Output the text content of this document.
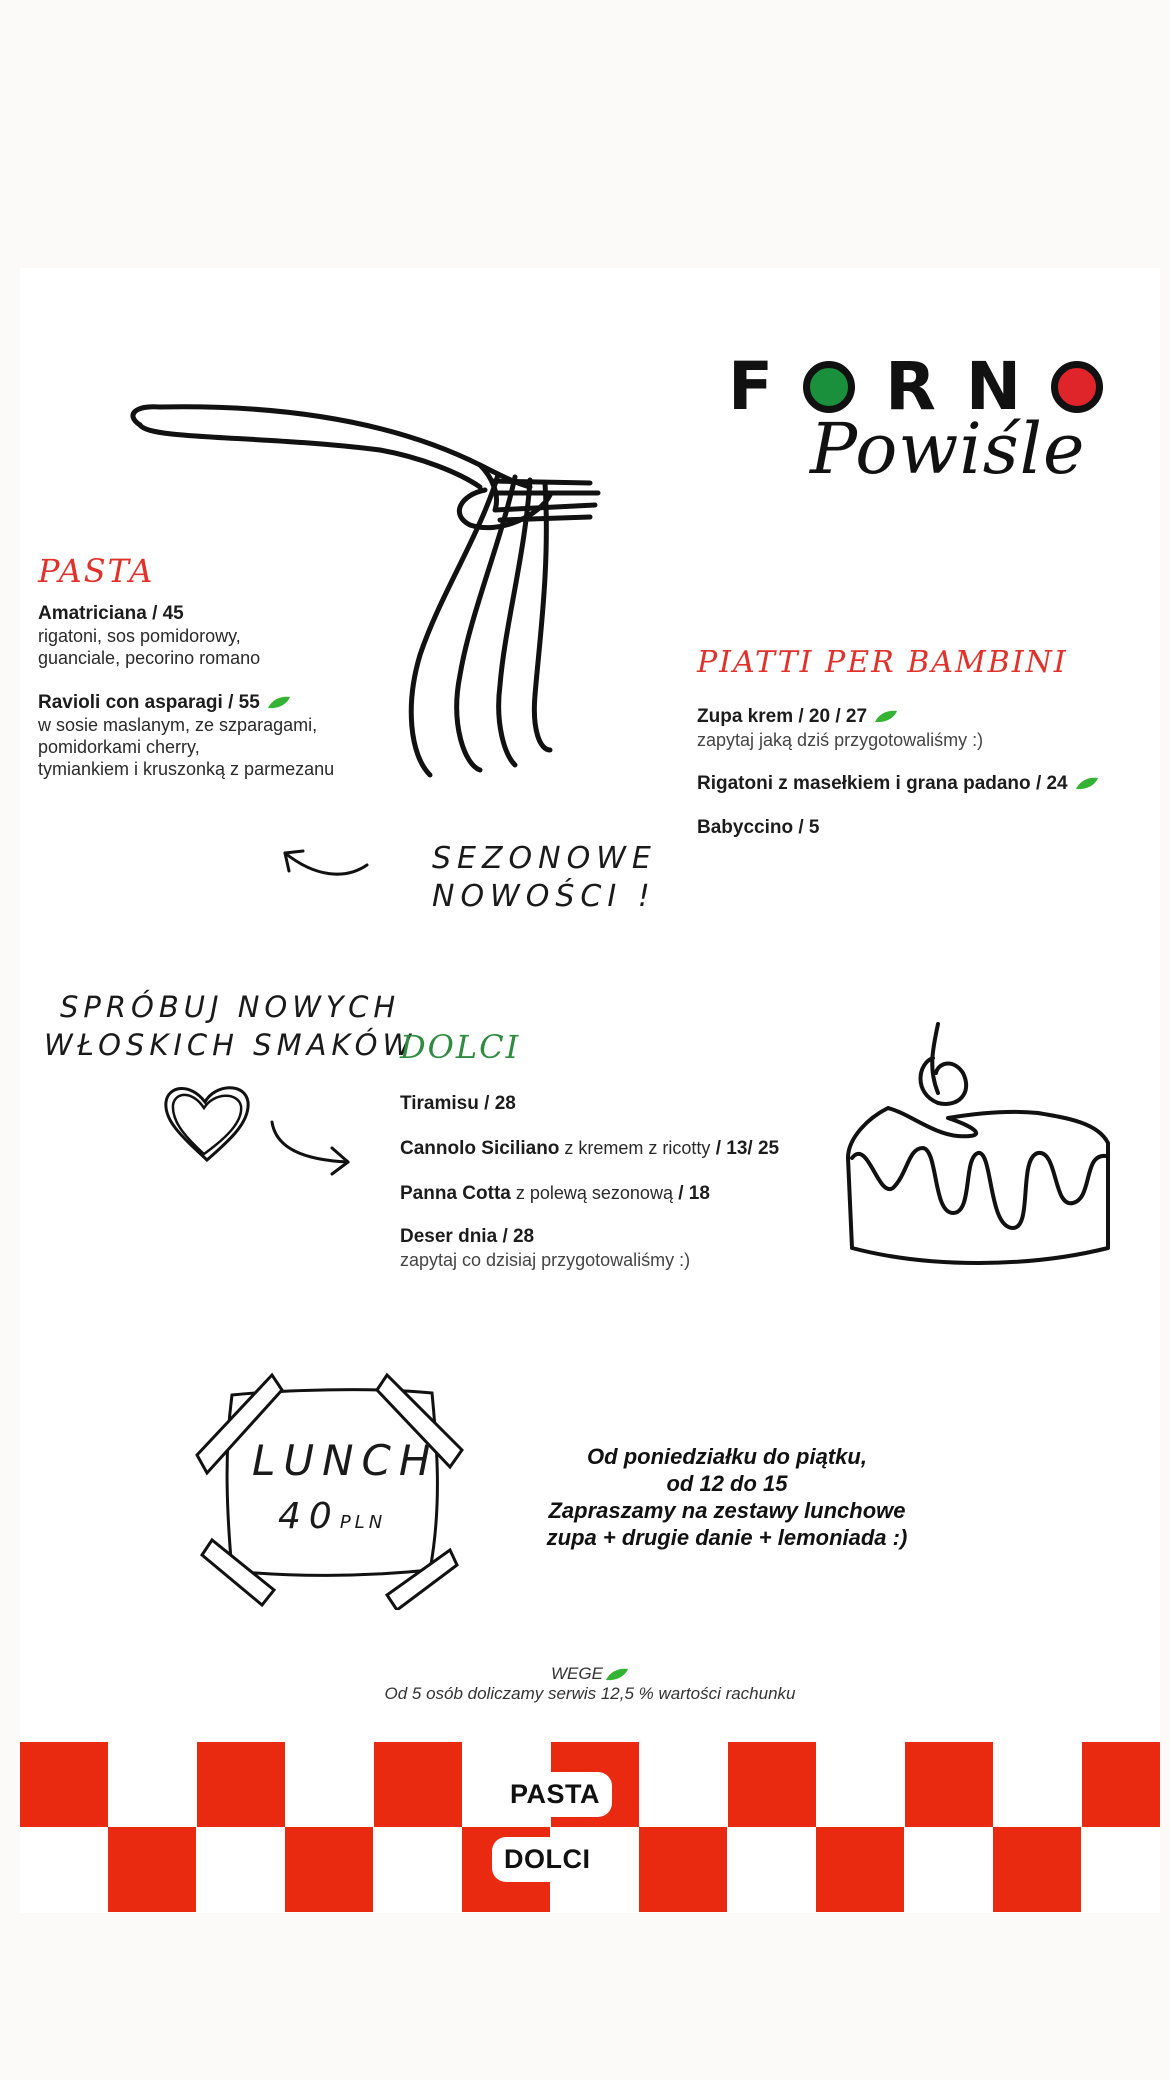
F R N
Powiśle
PASTA
Amatriciana / 45
rigatoni, sos pomidorowy,
guanciale, pecorino romano
Ravioli con asparagi / 55
w sosie maslanym, ze szparagami,
pomidorkami cherry,
tymiankiem i kruszonką z parmezanu
SEZONOWE
NOWOŚCI !
PIATTI PER BAMBINI
Zupa krem / 20 / 27
zapytaj jaką dziś przygotowaliśmy :)
Rigatoni z masełkiem i grana padano / 24
Babyccino / 5
SPRÓBUJ NOWYCH
WŁOSKICH SMAKÓW
DOLCI
Tiramisu / 28
Cannolo Siciliano z kremem z ricotty / 13/ 25
Panna Cotta z polewą sezonową / 18
Deser dnia / 28
zapytaj co dzisiaj przygotowaliśmy :)
LUNCH
40PLN
Od poniedziałku do piątku,
od 12 do 15
Zapraszamy na zestawy lunchowe
zupa + drugie danie + lemoniada :)
WEGE
Od 5 osób doliczamy serwis 12,5 % wartości rachunku
PASTA
DOLCI
